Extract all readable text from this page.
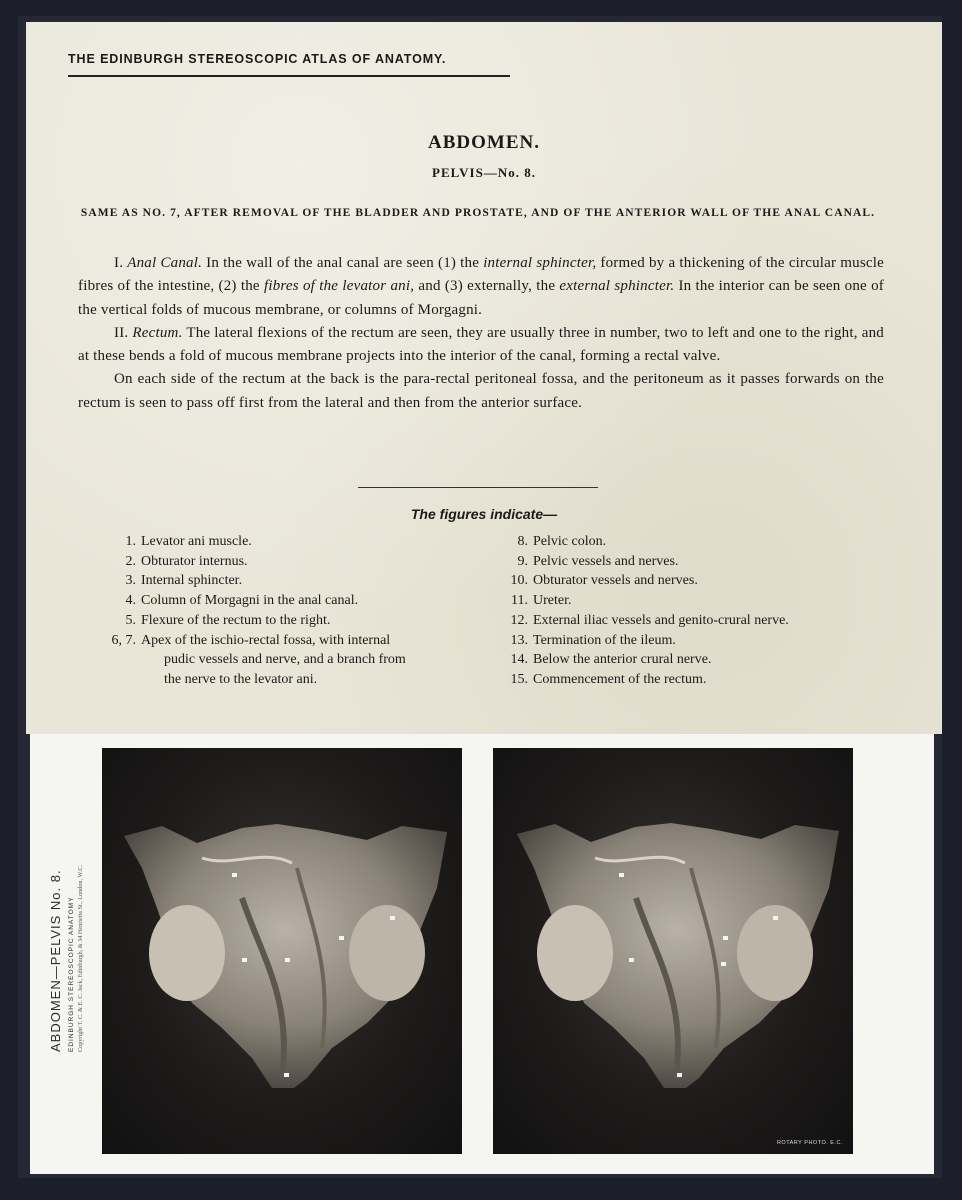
THE EDINBURGH STEREOSCOPIC ATLAS OF ANATOMY.
ABDOMEN.
PELVIS—No. 8.
SAME AS NO. 7, AFTER REMOVAL OF THE BLADDER AND PROSTATE, AND OF THE ANTERIOR WALL OF THE ANAL CANAL.

I. Anal Canal. In the wall of the anal canal are seen (1) the internal sphincter, formed by a thickening of the circular muscle fibres of the intestine, (2) the fibres of the levator ani, and (3) externally, the external sphincter. In the interior can be seen one of the vertical folds of mucous membrane, or columns of Morgagni.

II. Rectum. The lateral flexions of the rectum are seen, they are usually three in number, two to left and one to the right, and at these bends a fold of mucous membrane projects into the interior of the canal, forming a rectal valve.

On each side of the rectum at the back is the para-rectal peritoneal fossa, and the peritoneum as it passes forwards on the rectum is seen to pass off first from the lateral and then from the anterior surface.

The figures indicate—
1. Levator ani muscle.
2. Obturator internus.
3. Internal sphincter.
4. Column of Morgagni in the anal canal.
5. Flexure of the rectum to the right.
6, 7. Apex of the ischio-rectal fossa, with internal
pudic vessels and nerve, and a branch from
the nerve to the levator ani.
8. Pelvic colon.
9. Pelvic vessels and nerves.
10. Obturator vessels and nerves.
11. Ureter.
12. External iliac vessels and genito-crural nerve.
13. Termination of the ileum.
14. Below the anterior crural nerve.
15. Commencement of the rectum.
ABDOMEN—PELVIS No. 8. EDINBURGH STEREOSCOPIC ANATOMY Copyright T. C. & E. C. Jack, Edinburgh, & 34 Henrietta St., London, W.C.
ROTARY PHOTO. E.C.
